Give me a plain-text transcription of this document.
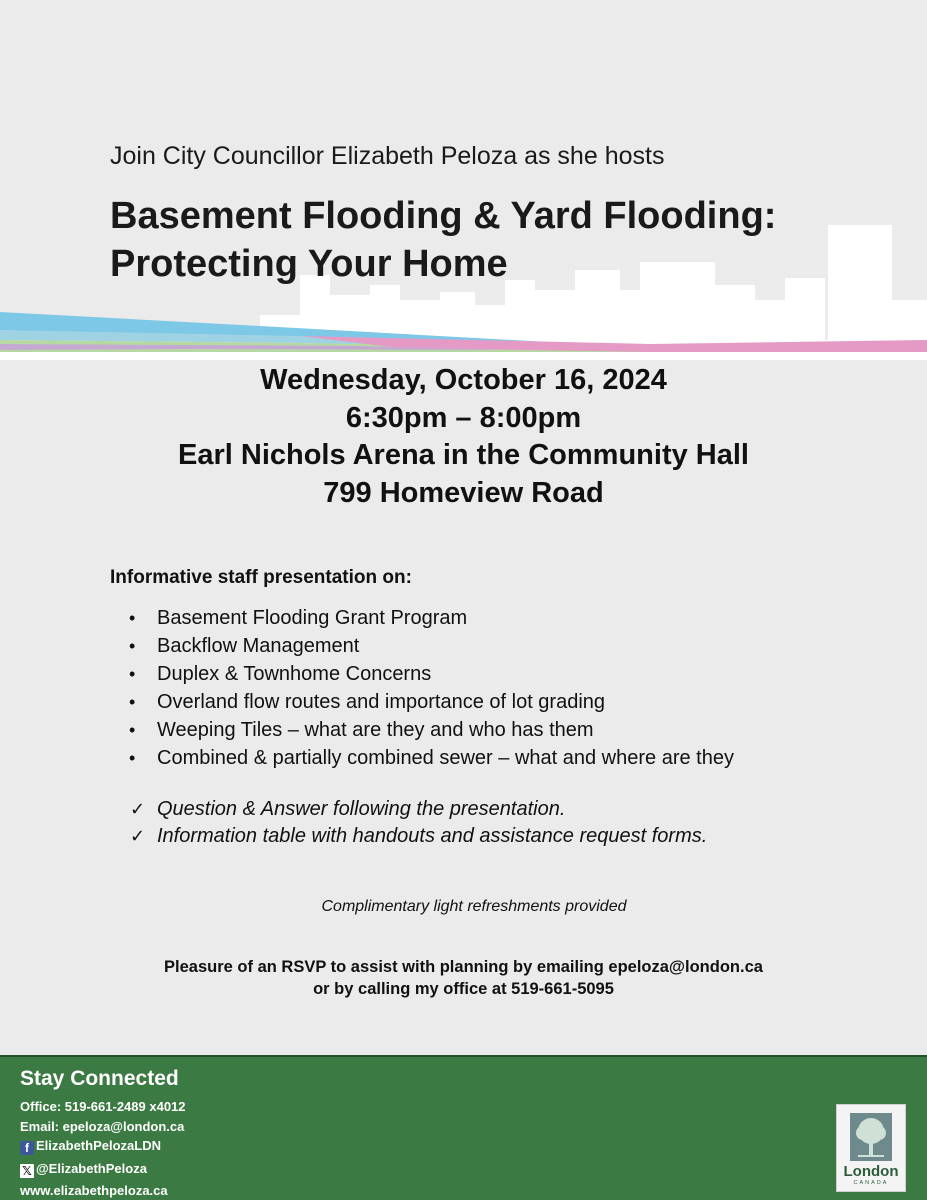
Join City Councillor Elizabeth Peloza as she hosts
Basement Flooding & Yard Flooding:
Protecting Your Home
Wednesday, October 16, 2024
6:30pm – 8:00pm
Earl Nichols Arena in the Community Hall
799 Homeview Road
Informative staff presentation on:
• Basement Flooding Grant Program
• Backflow Management
• Duplex & Townhome Concerns
• Overland flow routes and importance of lot grading
• Weeping Tiles – what are they and who has them
• Combined & partially combined sewer – what and where are they
✓ Question & Answer following the presentation.
✓ Information table with handouts and assistance request forms.
Complimentary light refreshments provided
Pleasure of an RSVP to assist with planning by emailing epeloza@london.ca
or by calling my office at 519-661-5095
Stay Connected
Office: 519-661-2489 x4012
Email: epeloza@london.ca
f ElizabethPelozaLDN
𝕏 @ElizabethPeloza
www.elizabethpeloza.ca
London
CANADA
